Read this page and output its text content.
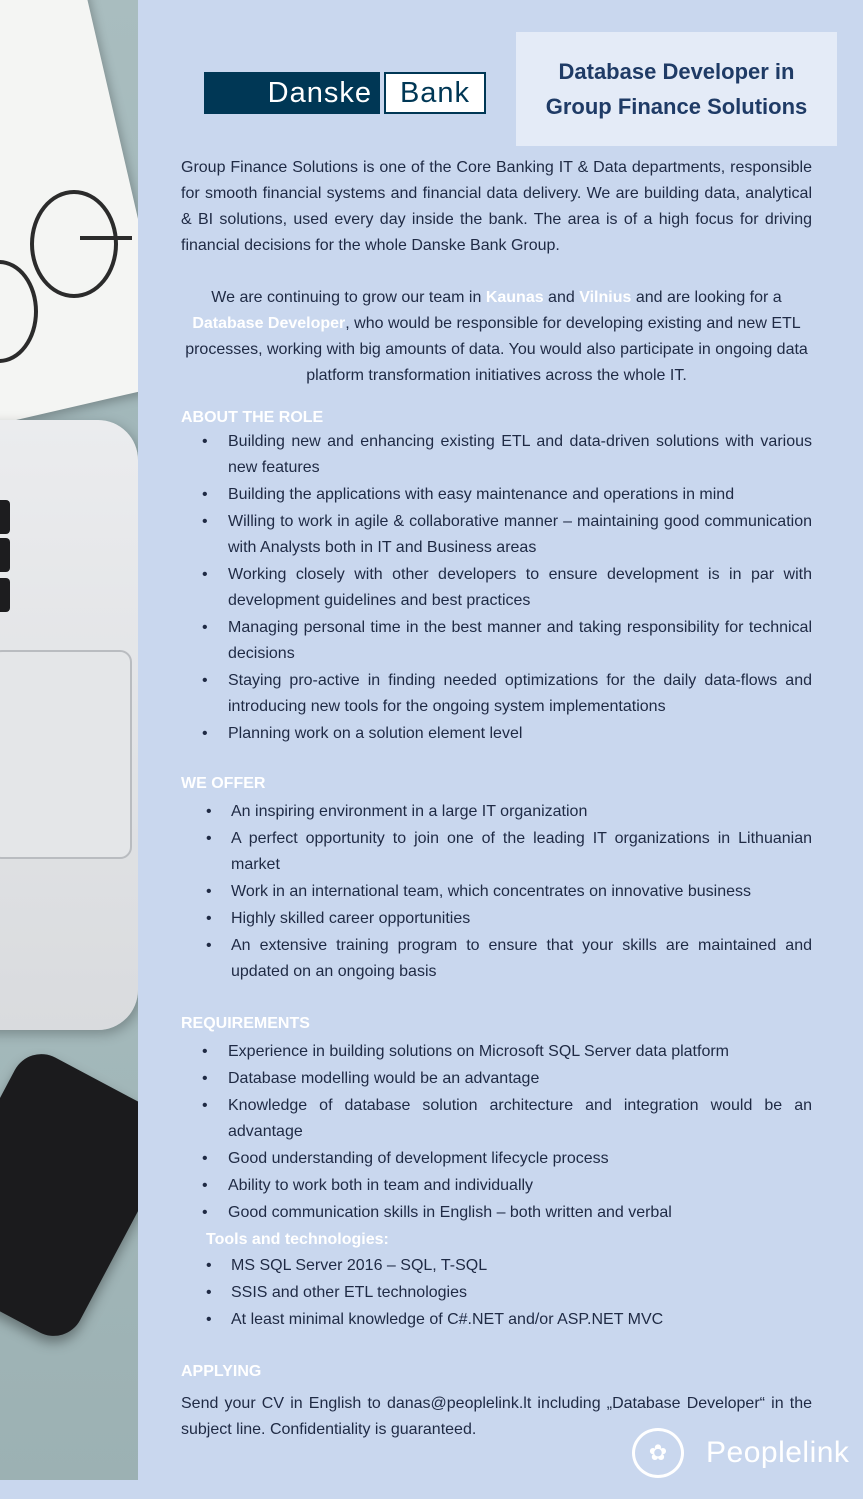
Danske Bank
Database Developer in
Group Finance Solutions

Group Finance Solutions is one of the Core Banking IT & Data departments, responsible for smooth financial systems and financial data delivery. We are building data, analytical & BI solutions, used every day inside the bank. The area is of a high focus for driving financial decisions for the whole Danske Bank Group.

We are continuing to grow our team in Kaunas and Vilnius and are looking for a Database Developer, who would be responsible for developing existing and new ETL processes, working with big amounts of data. You would also participate in ongoing data platform transformation initiatives across the whole IT.

ABOUT THE ROLE
• Building new and enhancing existing ETL and data-driven solutions with various new features
• Building the applications with easy maintenance and operations in mind
• Willing to work in agile & collaborative manner – maintaining good communication with Analysts both in IT and Business areas
• Working closely with other developers to ensure development is in par with development guidelines and best practices
• Managing personal time in the best manner and taking responsibility for technical decisions
• Staying pro-active in finding needed optimizations for the daily data-flows and introducing new tools for the ongoing system implementations
• Planning work on a solution element level
WE OFFER
• An inspiring environment in a large IT organization
• A perfect opportunity to join one of the leading IT organizations in Lithuanian market
• Work in an international team, which concentrates on innovative business
• Highly skilled career opportunities
• An extensive training program to ensure that your skills are maintained and updated on an ongoing basis
REQUIREMENTS
• Experience in building solutions on Microsoft SQL Server data platform
• Database modelling would be an advantage
• Knowledge of database solution architecture and integration would be an advantage
• Good understanding of development lifecycle process
• Ability to work both in team and individually
• Good communication skills in English – both written and verbal
Tools and technologies:
• MS SQL Server 2016 – SQL, T-SQL
• SSIS and other ETL technologies
• At least minimal knowledge of C#.NET and/or ASP.NET MVC
APPLYING

Send your CV in English to danas@peoplelink.lt including „Database Developer“ in the subject line. Confidentiality is guaranteed.

✿	Peoplelink
